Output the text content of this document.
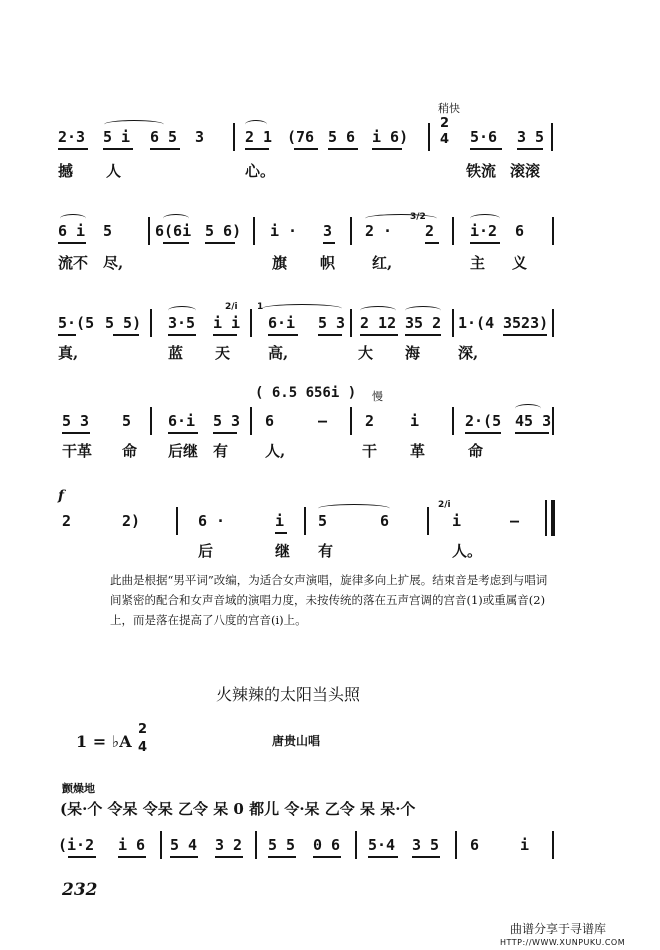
稍快
2·3 5 i 6 5 3	2 1 (76 5 6 i 6)
2
4 5·6 3 5
撼 人	心。	铁流 滚滚
6 i 5	6(6i 5 6) i · 3 2 ·
3/2
2 i·2 6
流不 尽,	旗 帜 红,	主 义
5·(5 5 5) 3·5
2/i
i i
1
6·i 5 3 2 12 35 2 1·(4 3523)
真,	蓝 天	高,	大 海	深,
( 6.5 656i ) 慢
5 3 5 6·i 5 3 6	—	2 i	2·(5 45 3
干革 命 后继 有 人,	干 革	命
f
2	2)	6 ·	i 5	6
2/i
i	—
后	继 有	人。
此曲是根据“男平词”改编，为适合女声演唱，旋律多向上扩展。结束音是考虑到与唱词间紧密的配合和女声音域的演唱力度，未按传统的落在五声宫调的宫音(1)或重属音(2)上，而是落在提高了八度的宫音(i)上。
火辣辣的太阳当头照
1 = ♭A
2
4	唐贵山唱
颤燥地
(呆·个 令呆 令呆 乙令 呆 0 都儿 令·呆 乙令 呆 呆·个
(i·2 i 6 5 4 3 2 5 5 0 6 5·4 3 5 6	i
232
曲谱分享于寻谱库
HTTP://WWW.XUNPUKU.COM
